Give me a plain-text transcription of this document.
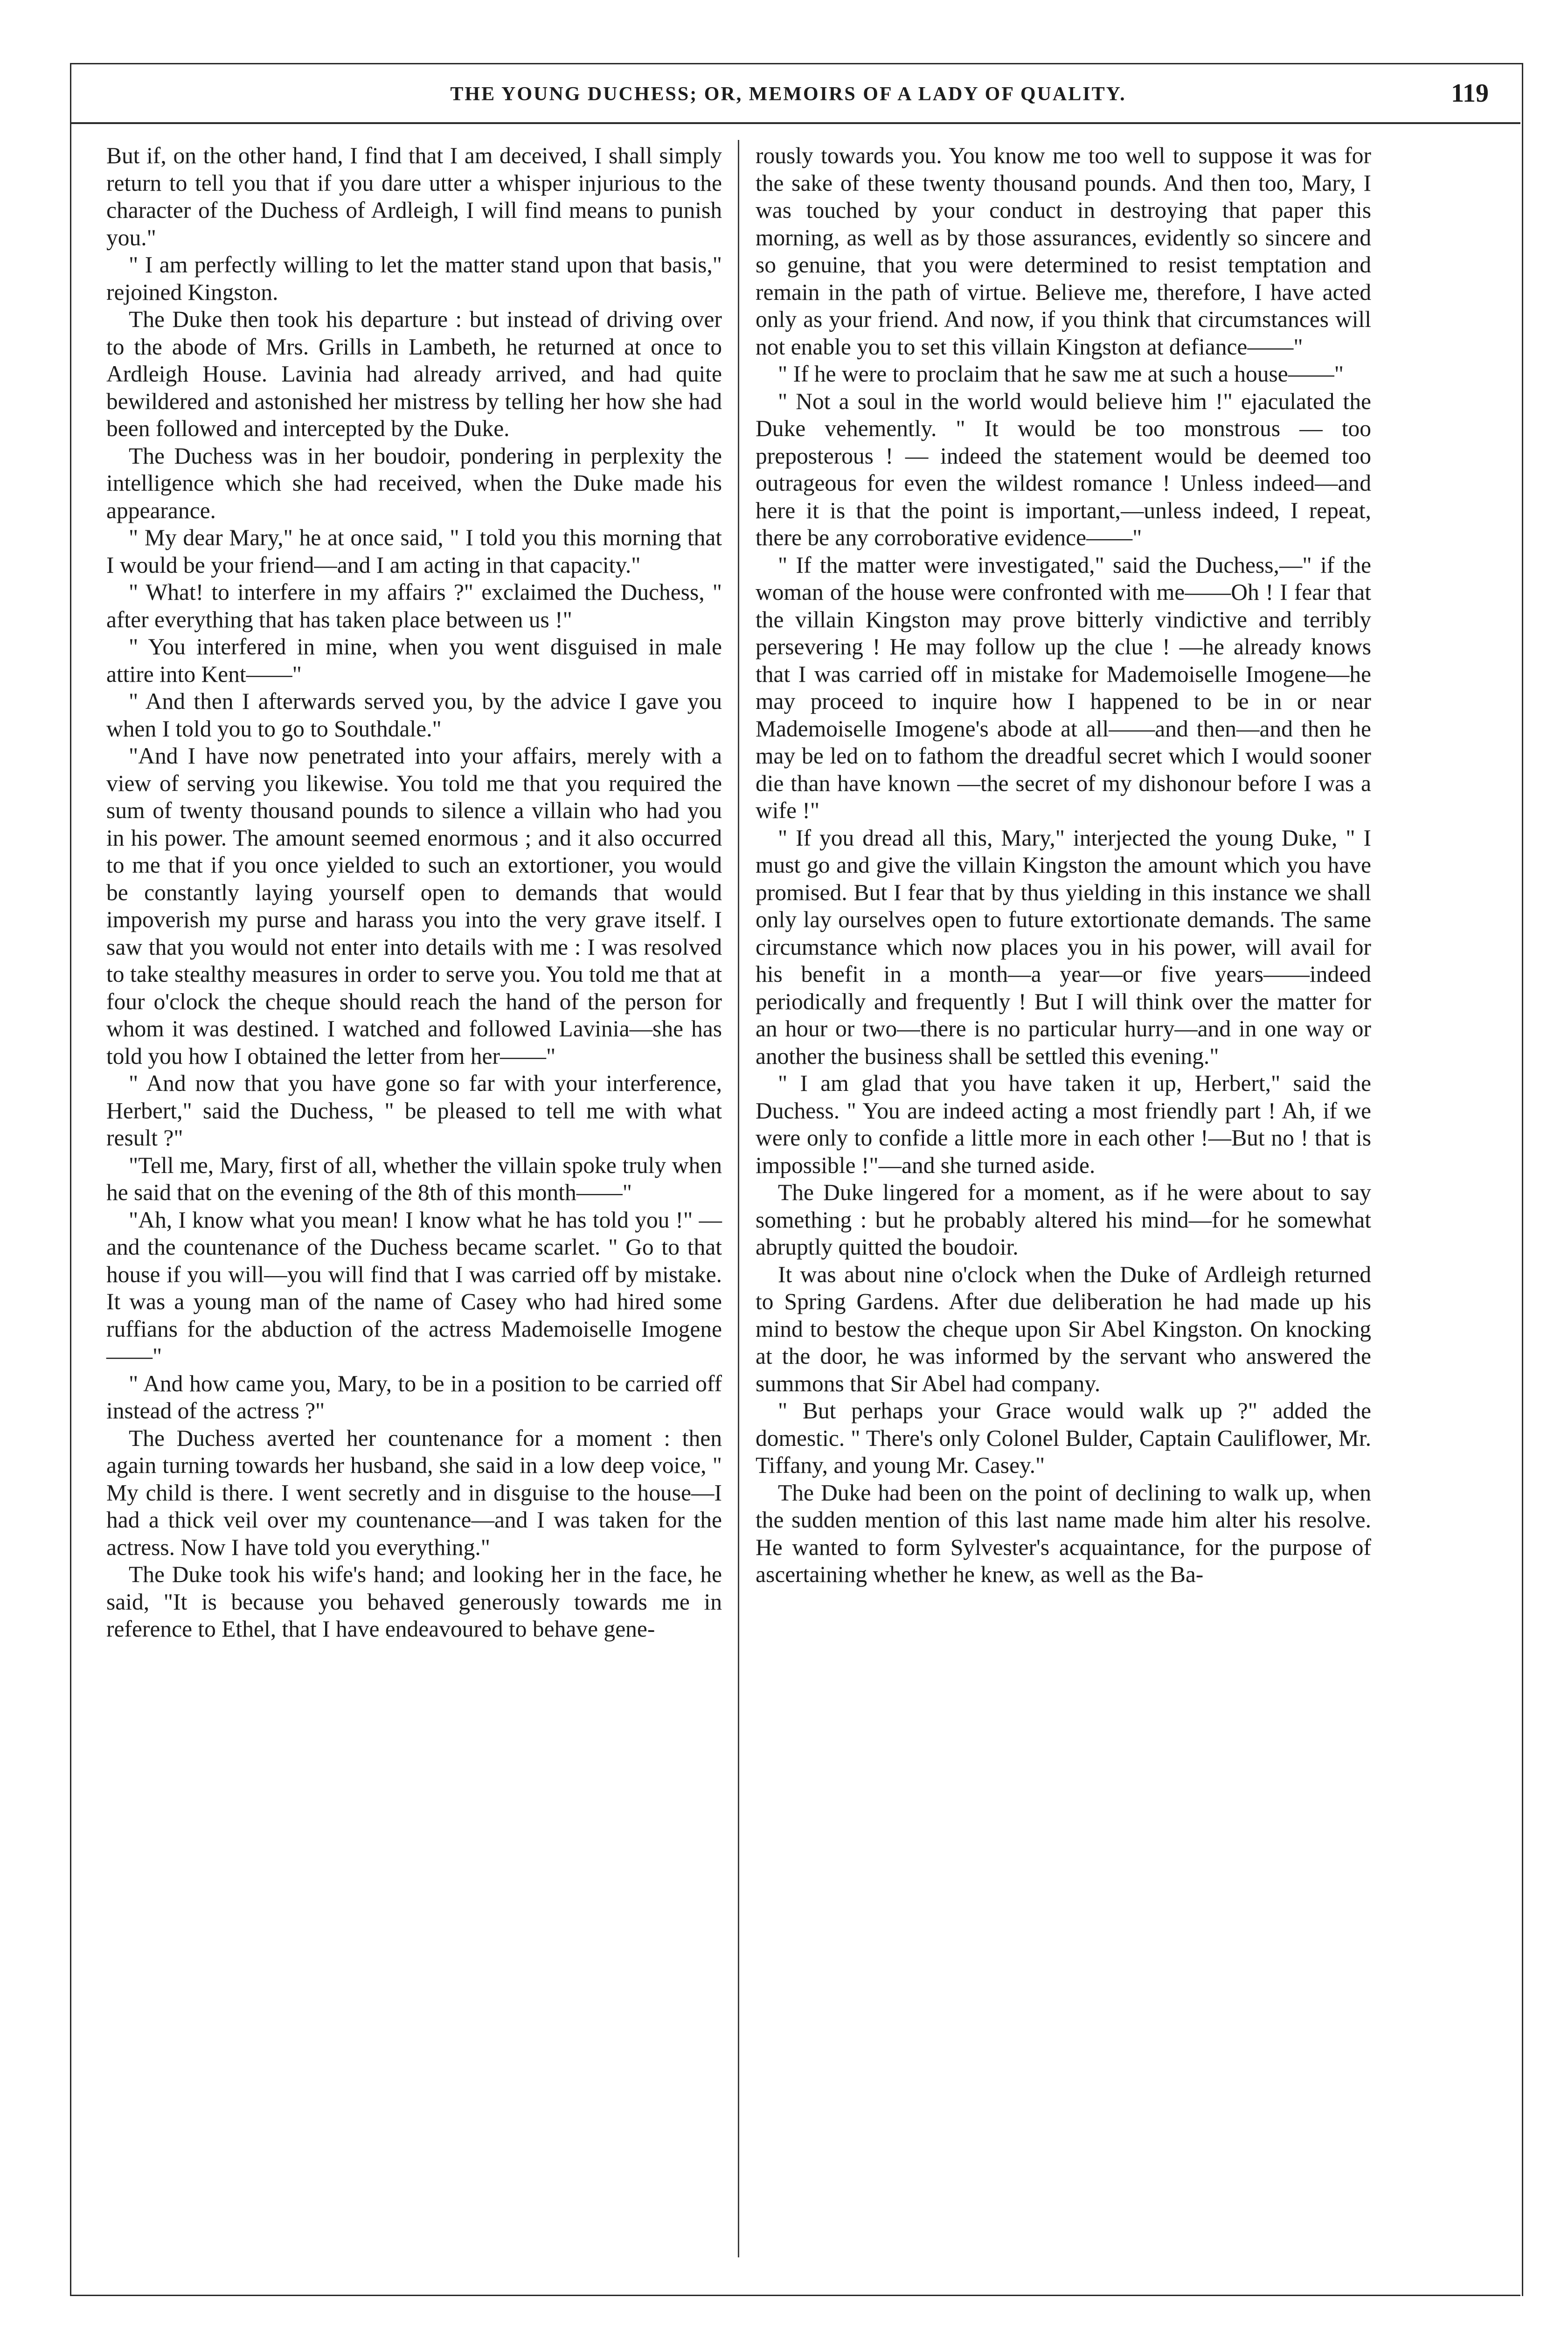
THE YOUNG DUCHESS; OR, MEMOIRS OF A LADY OF QUALITY.	119

But if, on the other hand, I find that I am deceived, I shall simply return to tell you that if you dare utter a whisper injurious to the character of the Duchess of Ardleigh, I will find means to punish you."

" I am perfectly willing to let the matter stand upon that basis," rejoined Kingston.

The Duke then took his departure : but instead of driving over to the abode of Mrs. Grills in Lambeth, he returned at once to Ardleigh House. Lavinia had already arrived, and had quite bewildered and astonished her mistress by telling her how she had been followed and intercepted by the Duke.

The Duchess was in her boudoir, pondering in perplexity the intelligence which she had received, when the Duke made his appearance.

" My dear Mary," he at once said, " I told you this morning that I would be your friend—and I am acting in that capacity."

" What! to interfere in my affairs ?" exclaimed the Duchess, " after everything that has taken place between us !"

" You interfered in mine, when you went disguised in male attire into Kent——"

" And then I afterwards served you, by the advice I gave you when I told you to go to Southdale."

"And I have now penetrated into your affairs, merely with a view of serving you likewise. You told me that you required the sum of twenty thousand pounds to silence a villain who had you in his power. The amount seemed enormous ; and it also occurred to me that if you once yielded to such an extortioner, you would be constantly laying yourself open to demands that would impoverish my purse and harass you into the very grave itself. I saw that you would not enter into details with me : I was resolved to take stealthy measures in order to serve you. You told me that at four o'clock the cheque should reach the hand of the person for whom it was destined. I watched and followed Lavinia—she has told you how I obtained the letter from her——"

" And now that you have gone so far with your interference, Herbert," said the Duchess, " be pleased to tell me with what result ?"

"Tell me, Mary, first of all, whether the villain spoke truly when he said that on the evening of the 8th of this month——"

"Ah, I know what you mean! I know what he has told you !" — and the countenance of the Duchess became scarlet. " Go to that house if you will—you will find that I was carried off by mistake. It was a young man of the name of Casey who had hired some ruffians for the abduction of the actress Mademoiselle Imogene——"

" And how came you, Mary, to be in a position to be carried off instead of the actress ?"

The Duchess averted her countenance for a moment : then again turning towards her husband, she said in a low deep voice, " My child is there. I went secretly and in disguise to the house—I had a thick veil over my countenance—and I was taken for the actress. Now I have told you everything."

The Duke took his wife's hand; and looking her in the face, he said, "It is because you behaved generously towards me in reference to Ethel, that I have endeavoured to behave gene-

rously towards you. You know me too well to suppose it was for the sake of these twenty thousand pounds. And then too, Mary, I was touched by your conduct in destroying that paper this morning, as well as by those assurances, evidently so sincere and so genuine, that you were determined to resist temptation and remain in the path of virtue. Believe me, therefore, I have acted only as your friend. And now, if you think that circumstances will not enable you to set this villain Kingston at defiance——"

" If he were to proclaim that he saw me at such a house——"

" Not a soul in the world would believe him !" ejaculated the Duke vehemently. " It would be too monstrous — too preposterous ! — indeed the statement would be deemed too outrageous for even the wildest romance ! Unless indeed—and here it is that the point is important,—unless indeed, I repeat, there be any corroborative evidence——"

" If the matter were investigated," said the Duchess,—" if the woman of the house were confronted with me——Oh ! I fear that the villain Kingston may prove bitterly vindictive and terribly persevering ! He may follow up the clue ! —he already knows that I was carried off in mistake for Mademoiselle Imogene—he may proceed to inquire how I happened to be in or near Mademoiselle Imogene's abode at all——and then—and then he may be led on to fathom the dreadful secret which I would sooner die than have known —the secret of my dishonour before I was a wife !"

" If you dread all this, Mary," interjected the young Duke, " I must go and give the villain Kingston the amount which you have promised. But I fear that by thus yielding in this instance we shall only lay ourselves open to future extortionate demands. The same circumstance which now places you in his power, will avail for his benefit in a month—a year—or five years——indeed periodically and frequently ! But I will think over the matter for an hour or two—there is no particular hurry—and in one way or another the business shall be settled this evening."

" I am glad that you have taken it up, Herbert," said the Duchess. " You are indeed acting a most friendly part ! Ah, if we were only to confide a little more in each other !—But no ! that is impossible !"—and she turned aside.

The Duke lingered for a moment, as if he were about to say something : but he probably altered his mind—for he somewhat abruptly quitted the boudoir.

It was about nine o'clock when the Duke of Ardleigh returned to Spring Gardens. After due deliberation he had made up his mind to bestow the cheque upon Sir Abel Kingston. On knocking at the door, he was informed by the servant who answered the summons that Sir Abel had company.

" But perhaps your Grace would walk up ?" added the domestic. " There's only Colonel Bulder, Captain Cauliflower, Mr. Tiffany, and young Mr. Casey."

The Duke had been on the point of declining to walk up, when the sudden mention of this last name made him alter his resolve. He wanted to form Sylvester's acquaintance, for the purpose of ascertaining whether he knew, as well as the Ba-
